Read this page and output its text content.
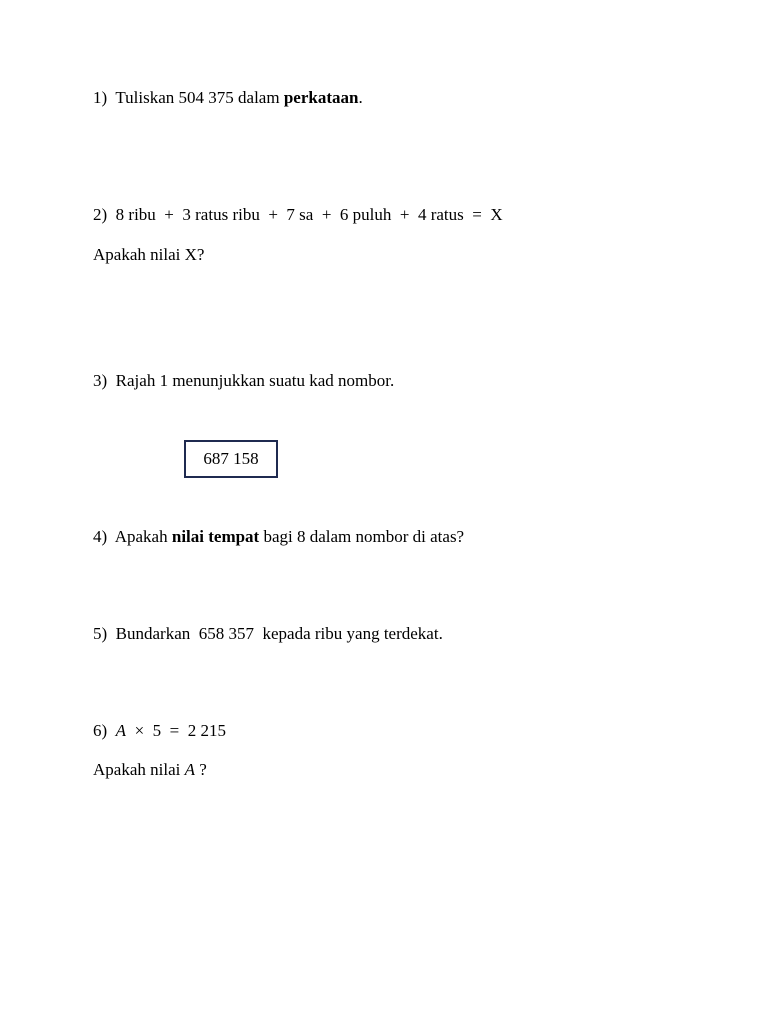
1) Tuliskan 504 375 dalam perkataan.
2) 8 ribu  +  3 ratus ribu  +  7 sa  +  6 puluh  +  4 ratus  =  X
Apakah nilai X?
3) Rajah 1 menunjukkan suatu kad nombor.
687 158
4) Apakah nilai tempat bagi 8 dalam nombor di atas?
5) Bundarkan  658 357  kepada ribu yang terdekat.
6) A  ×  5  =  2 215
Apakah nilai A ?
